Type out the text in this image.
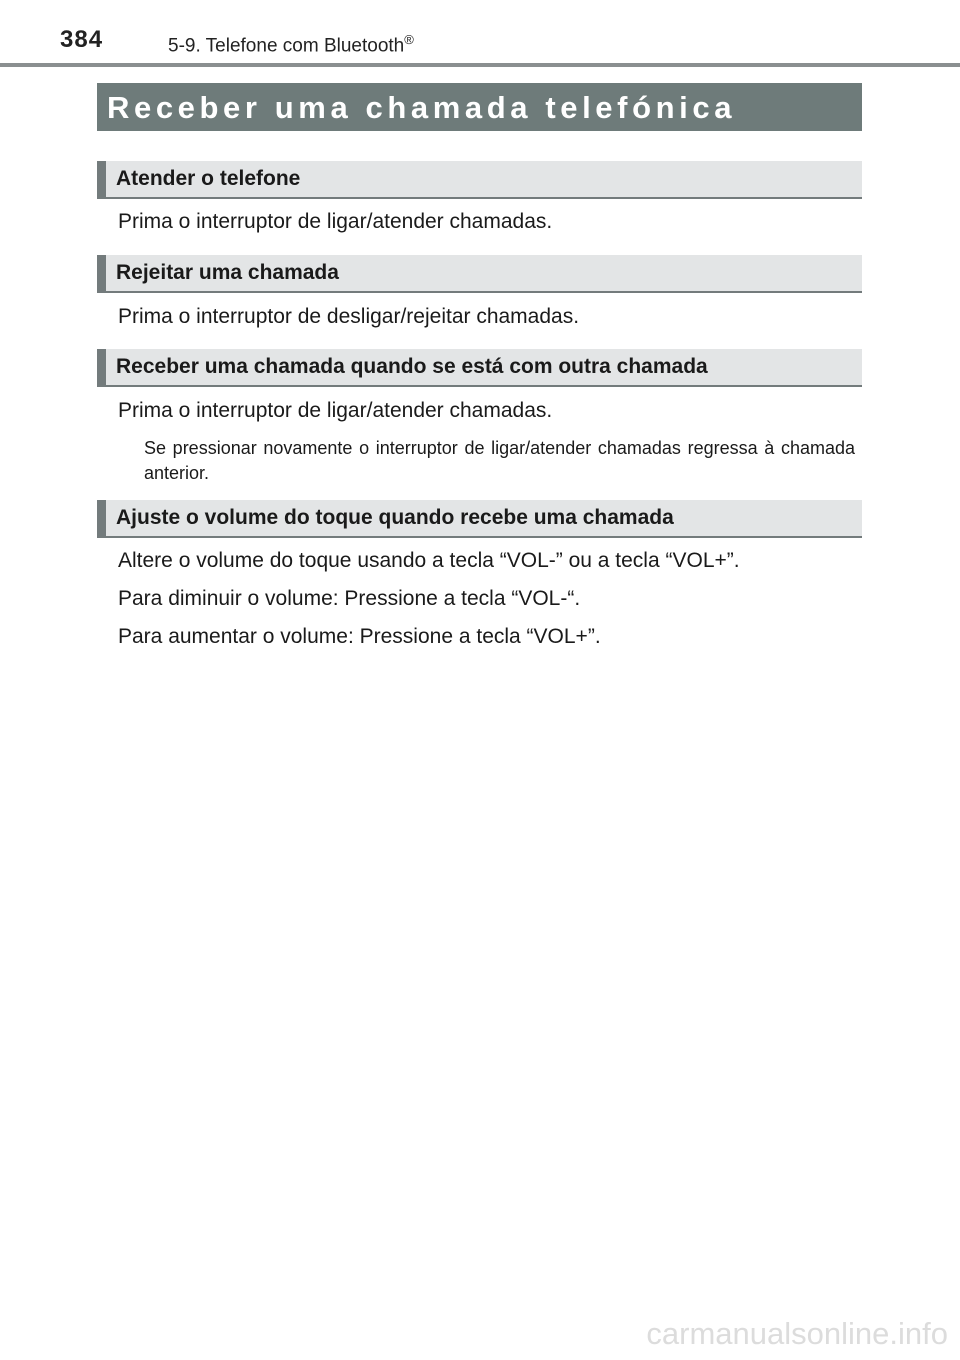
384	5-9. Telefone com Bluetooth®
Receber uma chamada telefónica
Atender o telefone
Prima o interruptor de ligar/atender chamadas.
Rejeitar uma chamada
Prima o interruptor de desligar/rejeitar chamadas.
Receber uma chamada quando se está com outra chamada
Prima o interruptor de ligar/atender chamadas.
Se pressionar novamente o interruptor de ligar/atender chamadas regressa à chamada anterior.
Ajuste o volume do toque quando recebe uma chamada
Altere o volume do toque usando a tecla “VOL-” ou a tecla “VOL+”.
Para diminuir o volume: Pressione a tecla “VOL-“.
Para aumentar o volume: Pressione a tecla “VOL+”.
carmanualsonline.info
